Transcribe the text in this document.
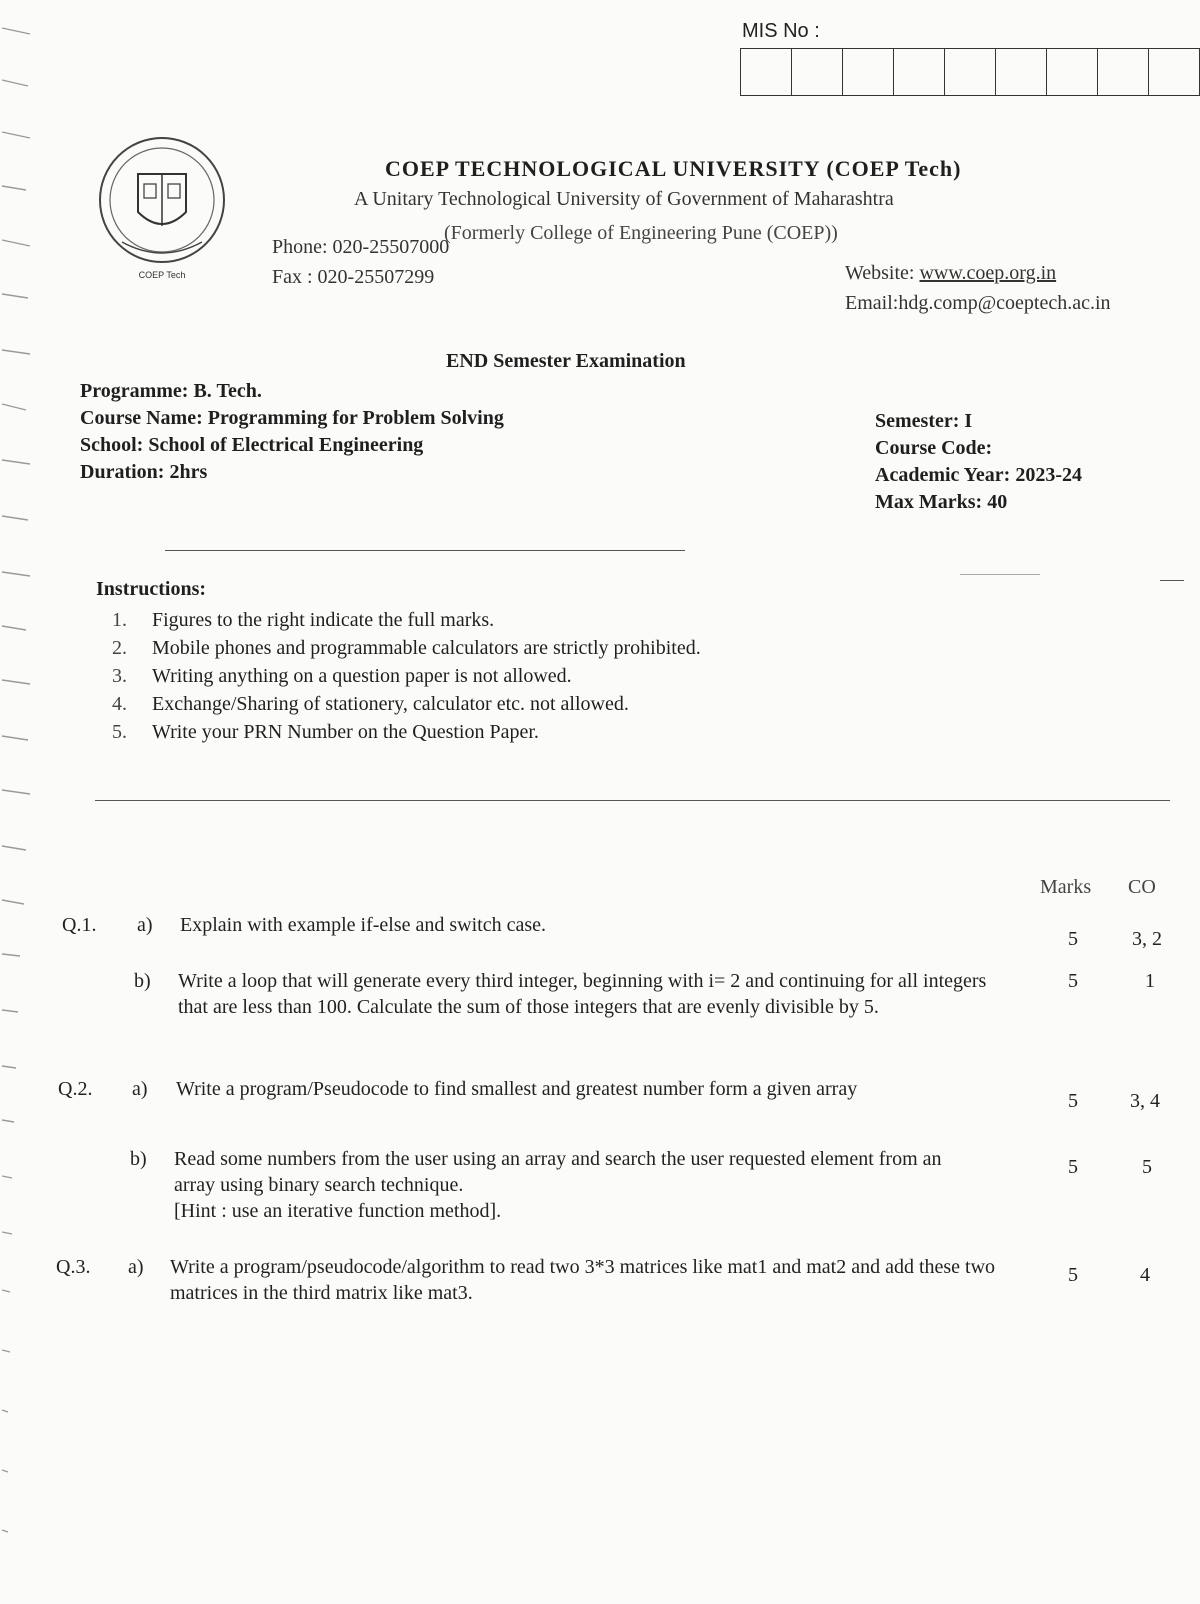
MIS No :
COEP Tech
COEP TECHNOLOGICAL UNIVERSITY (COEP Tech)
A Unitary Technological University of Government of Maharashtra
(Formerly College of Engineering Pune (COEP))
Phone: 020-25507000
Fax : 020-25507299	Website: www.coep.org.in
Email:hdg.comp@coeptech.ac.in
END Semester Examination
Programme: B. Tech.
Course Name: Programming for Problem Solving
School: School of Electrical Engineering
Duration: 2hrs
Semester: I
Course Code:
Academic Year: 2023-24
Max Marks: 40
Instructions:
1.	Figures to the right indicate the full marks.
2.	Mobile phones and programmable calculators are strictly prohibited.
3.	Writing anything on a question paper is not allowed.
4.	Exchange/Sharing of stationery, calculator etc. not allowed.
5.	Write your PRN Number on the Question Paper.
Marks CO
Q.1.	a)	Explain with example if-else and switch case.
5	3, 2
b)	Write a loop that will generate every third integer, beginning with i= 2 and continuing for all integers that are less than 100. Calculate the sum of those integers that are evenly divisible by 5.
5	1
Q.2.	a)	Write a program/Pseudocode to find smallest and greatest number form a given array
5	3, 4
b)	Read some numbers from the user using an array and search the user requested element from an array using binary search technique.
[Hint : use an iterative function method].
5	5
Q.3.	a)	Write a program/pseudocode/algorithm to read two 3*3 matrices like mat1 and mat2 and add these two matrices in the third matrix like mat3.
5	4
